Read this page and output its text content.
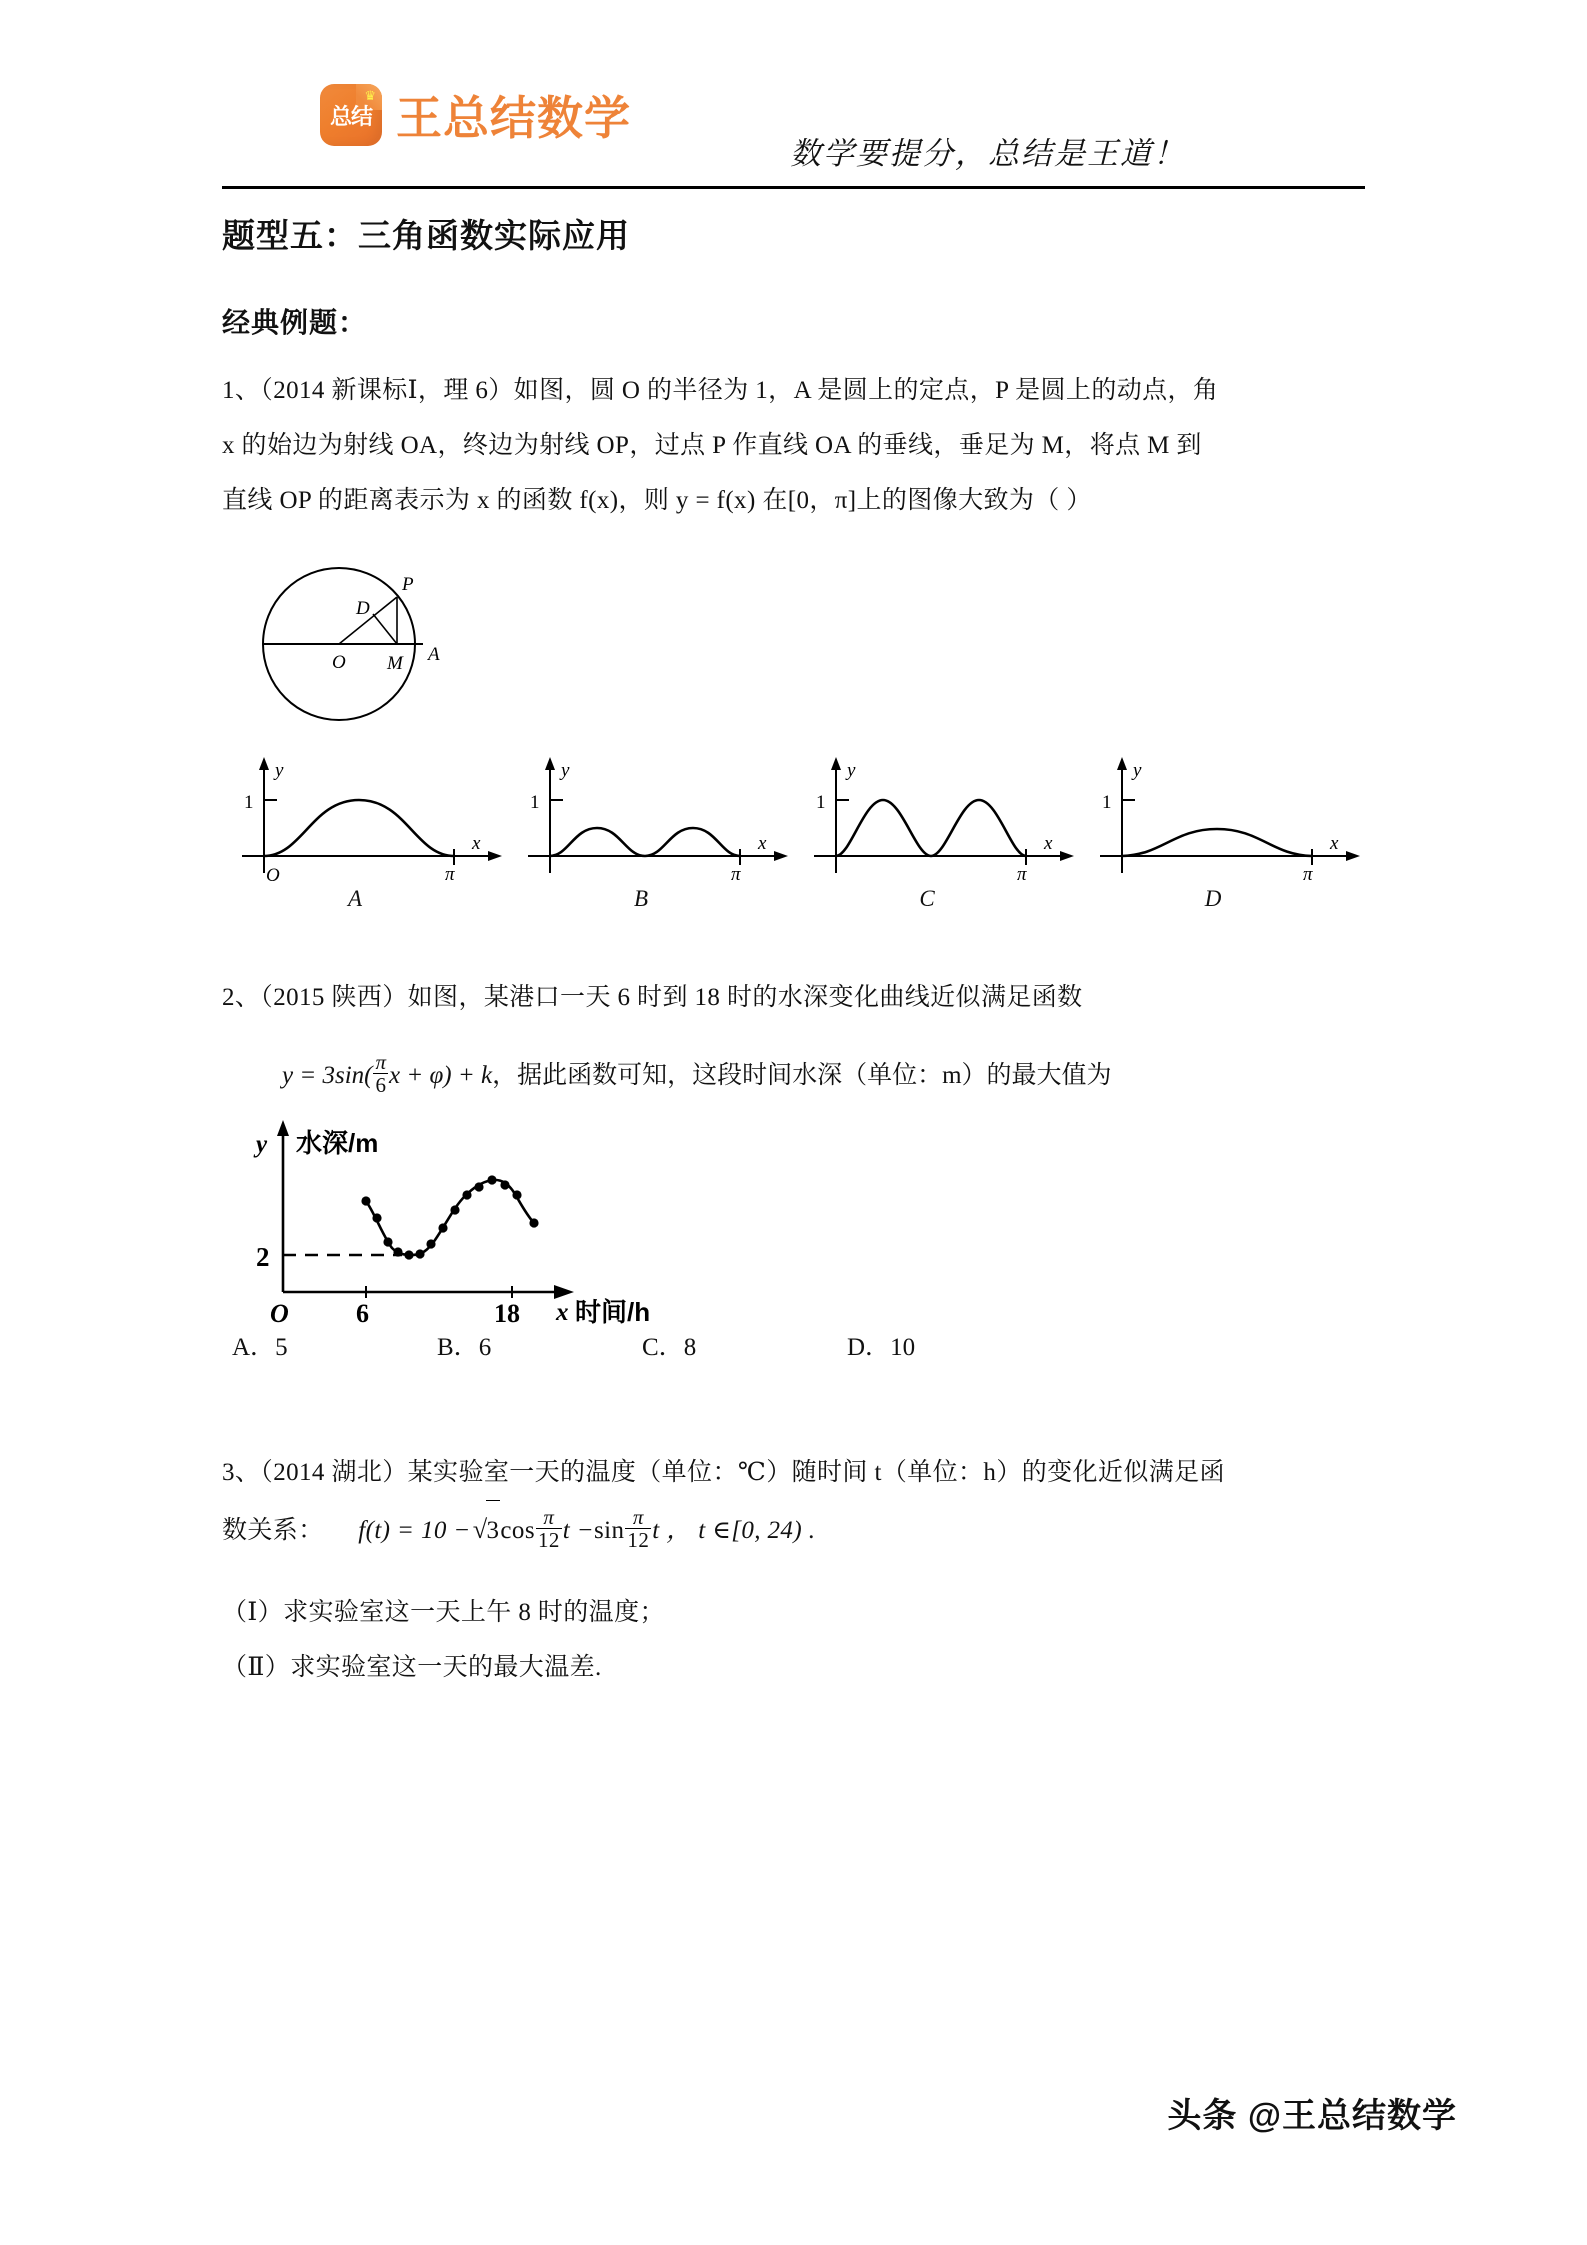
♛
总结 王总结数学
数学要提分，总结是王道！
题型五：三角函数实际应用
经典例题：
1、（2014 新课标Ⅰ，理 6）如图，圆 O 的半径为 1，A 是圆上的定点，P 是圆上的动点，角
x 的始边为射线 OA，终边为射线 OP，过点 P 作直线 OA 的垂线，垂足为 M，将点 M 到
直线 OP 的距离表示为 x 的函数 f(x)，则 y = f(x) 在[0，π]上的图像大致为（ ）
D
P
O M A
1
y
x
O	π
A
1
y
x
π
B
1
y
x
π
C
1
y
x
π
D
2、（2015 陕西）如图，某港口一天 6 时到 18 时的水深变化曲线近似满足函数
$y = 3\sin( \frac{\pi}{6}$ x + φ) + k，据此函数可知，这段时间水深（单位：m）的最大值为
y 水深/m
2
O	6	18 x 时间/h
A．5	B．6	C．8	D．10
3、（2014 湖北）某实验室一天的温度（单位：℃）随时间 t（单位：h）的变化近似满足函
数关系： $f(t) = 10 -√3\cos \frac{\pi}{12}$ $t -\sin \frac{\pi}{12}$ t ， t ∈[0, 24) .
（Ⅰ）求实验室这一天上午 8 时的温度；
（Ⅱ）求实验室这一天的最大温差.
头条 @王总结数学
